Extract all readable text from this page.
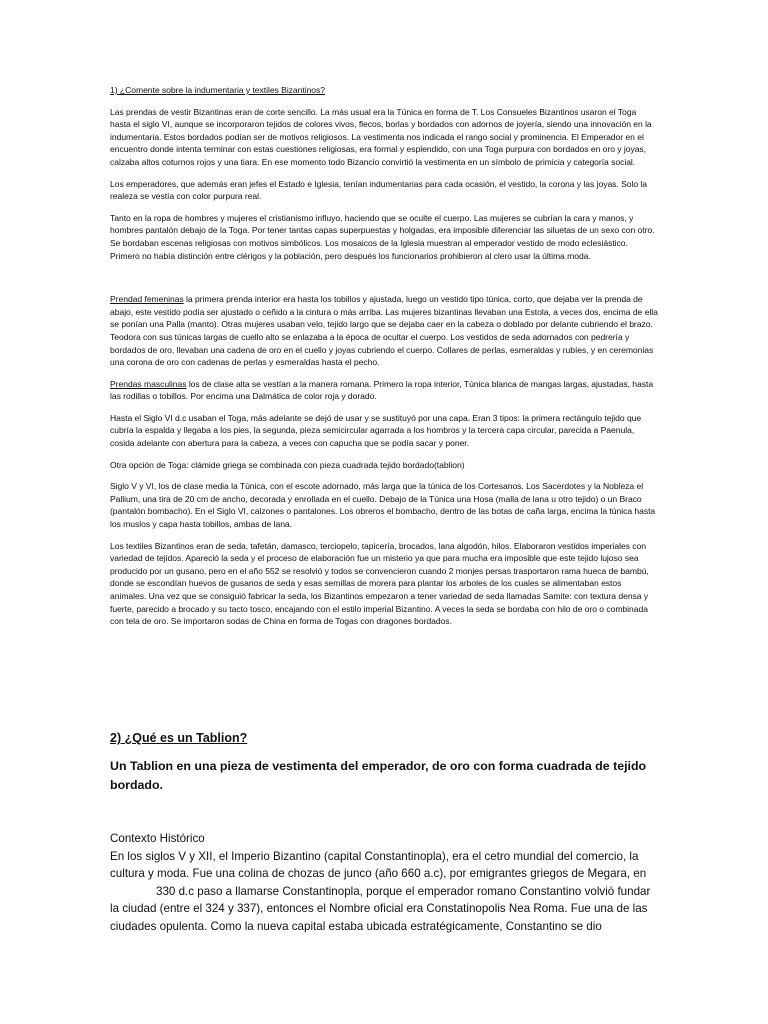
1) ¿Comente sobre la indumentaria y textiles Bizantinos?

Las prendas de vestir Bizantinas eran de corte sencillo. La más usual era la Túnica en forma de T. Los Consueles Bizantinos usaron el Toga hasta el siglo VI, aunque se incorporaron tejidos de colores vivos, flecos, borlas y bordados con adornos de joyería, siendo una innovación en la indumentaria. Estos bordados podían ser de motivos religiosos. La vestimenta nos indicada el rango social y prominencia. El Emperador en el encuentro donde intenta terminar con estas cuestiones religiosas, era formal y esplendido, con una Toga purpura con bordados en oro y joyas, calzaba altos coturnos rojos y una tiara. En ese momento todo Bizancio convirtió la vestimenta en un símbolo de primicia y categoría social.

Los emperadores, que además eran jefes el Estado e Iglesia, tenían indumentarias para cada ocasión, el vestido, la corona y las joyas. Solo la realeza se vestía con color purpura real.

Tanto en la ropa de hombres y mujeres el cristianismo influyo, haciendo que se oculte el cuerpo. Las mujeres se cubrían la cara y manos, y hombres pantalón debajo de la Toga. Por tener tantas capas superpuestas y holgadas, era imposible diferenciar las siluetas de un sexo con otro. Se bordaban escenas religiosas con motivos simbólicos. Los mosaicos de la Iglesia muestran al emperador vestido de modo eclesiástico. Primero no había distinción entre clérigos y la población, pero después los funcionarios prohibieron al clero usar la última moda.

Prendad femeninas la primera prenda interior era hasta los tobillos y ajustada, luego un vestido tipo túnica, corto, que dejaba ver la prenda de abajo, este vestido podía ser ajustado o ceñido a la cintura o más arriba. Las mujeres bizantinas llevaban una Estola, a veces dos, encima de ella se ponían una Palla (manto). Otras mujeres usaban velo, tejido largo que se dejaba caer en la cabeza o doblado por delante cubriendo el brazo. Teodora con sus túnicas largas de cuello alto se enlazaba a la época de ocultar el cuerpo. Los vestidos de seda adornados con pedrería y bordados de oro, llevaban una cadena de oro en el cuello y joyas cubriendo el cuerpo. Collares de perlas, esmeraldas y rubíes, y en ceremonias una corona de oro con cadenas de perlas y esmeraldas hasta el pecho.

Prendas masculinas los de clase alta se vestían a la manera romana. Primero la ropa interior, Túnica blanca de mangas largas, ajustadas, hasta las rodillas o tobillos. Por encima una Dalmática de color roja y dorado.

Hasta el Siglo VI d.c usaban el Toga, más adelante se dejó de usar y se sustituyó por una capa. Eran 3 tipos: la primera rectángulo tejido que cubría la espalda y llegaba a los pies, la segunda, pieza semicircular agarrada a los hombros y la tercera capa circular, parecida a Paenula, cosida adelante con abertura para la cabeza, a veces con capucha que se podía sacar y poner.

Otra opción de Toga: clámide griega se combinada con pieza cuadrada tejido bordado(tablion)

Siglo V y VI, los de clase media la Túnica, con el escote adornado, más larga que la túnica de los Cortesanos. Los Sacerdotes y la Nobleza el Pallium, una tira de 20 cm de ancho, decorada y enrollada en el cuello. Debajo de la Túnica una Hosa (malla de lana u otro tejido) o un Braco (pantalón bombacho). En el Siglo VI, calzones o pantalones. Los obreros el bombacho, dentro de las botas de caña larga, encima la túnica hasta los muslos y capa hasta tobillos, ambas de lana.

Los textiles Bizantinos eran de seda, tafetán, damasco, terciopelo, tapicería, brocados, lana algodón, hilos. Elaboraron vestidos imperiales con variedad de tejidos. Apareció la seda y el proceso de elaboración fue un misterio ya que para mucha era imposible que este tejido lujoso sea producido por un gusano, pero en el año 552 se resolvió y todos se convencieron cuando 2 monjes persas trasportaron rama hueca de bambú, donde se escondían huevos de gusanos de seda y esas semillas de morera para plantar los arboles de los cuales se alimentaban estos animales. Una vez que se consiguió fabricar la seda, los Bizantinos empezaron a tener variedad de seda llamadas Samite: con textura densa y fuerte, parecido a brocado y su tacto tosco, encajando con el estilo imperial Bizantino. A veces la seda se bordaba con hilo de oro o combinada con tela de oro. Se importaron sodas de China en forma de Togas con dragones bordados.

2) ¿Qué es un Tablion?

Un Tablion en una pieza de vestimenta del emperador, de oro con forma cuadrada de tejido bordado.

Contexto Histórico

En los siglos V y XII, el Imperio Bizantino (capital Constantinopla), era el cetro mundial del comercio, la cultura y moda. Fue una colina de chozas de junco (año 660 a.c), por emigrantes griegos de Megara, en

330 d.c paso a llamarse Constantinopla, porque el emperador romano Constantino volvió fundar la ciudad (entre el 324 y 337), entonces el Nombre oficial era Constatinopolis Nea Roma. Fue una de las ciudades opulenta. Como la nueva capital estaba ubicada estratégicamente, Constantino se dio
